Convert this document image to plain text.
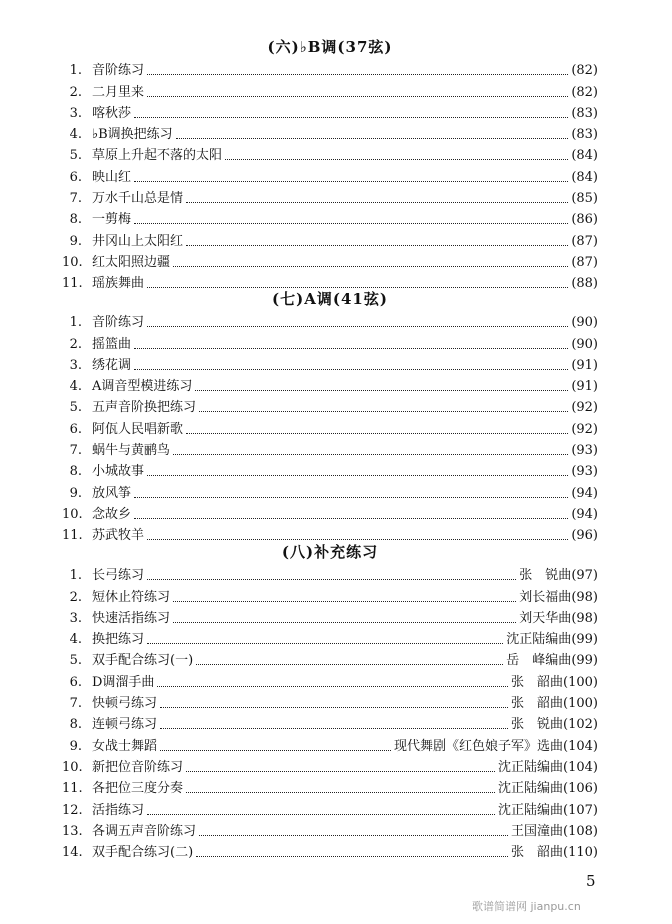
(六)♭B调(37弦)
1. 音阶练习	(82)
2. 二月里来	(82)
3. 喀秋莎	(83)
4. ♭B调换把练习	(83)
5. 草原上升起不落的太阳	(84)
6. 映山红	(84)
7. 万水千山总是情	(85)
8. 一剪梅	(86)
9. 井冈山上太阳红	(87)
10. 红太阳照边疆	(87)
11. 瑶族舞曲	(88)
(七)A调(41弦)
1. 音阶练习	(90)
2. 摇篮曲	(90)
3. 绣花调	(91)
4. A调音型模进练习	(91)
5. 五声音阶换把练习	(92)
6. 阿佤人民唱新歌	(92)
7. 蜗牛与黄鹂鸟	(93)
8. 小城故事	(93)
9. 放风筝	(94)
10. 念故乡	(94)
11. 苏武牧羊	(96)
(八)补充练习
1. 长弓练习	张　锐曲 (97)
2. 短休止符练习	刘长福曲 (98)
3. 快速活指练习	刘天华曲 (98)
4. 换把练习	沈正陆编曲 (99)
5. 双手配合练习(一)	岳　峰编曲 (99)
6. D调溜手曲	张　韶曲 (100)
7. 快顿弓练习	张　韶曲 (100)
8. 连顿弓练习	张　锐曲 (102)
9. 女战士舞蹈	现代舞剧《红色娘子军》选曲 (104)
10. 新把位音阶练习	沈正陆编曲 (104)
11. 各把位三度分奏	沈正陆编曲 (106)
12. 活指练习	沈正陆编曲 (107)
13. 各调五声音阶练习	王国潼曲 (108)
14. 双手配合练习(二)	张　韶曲 (110)
5
歌谱简谱网 jianpu.cn
